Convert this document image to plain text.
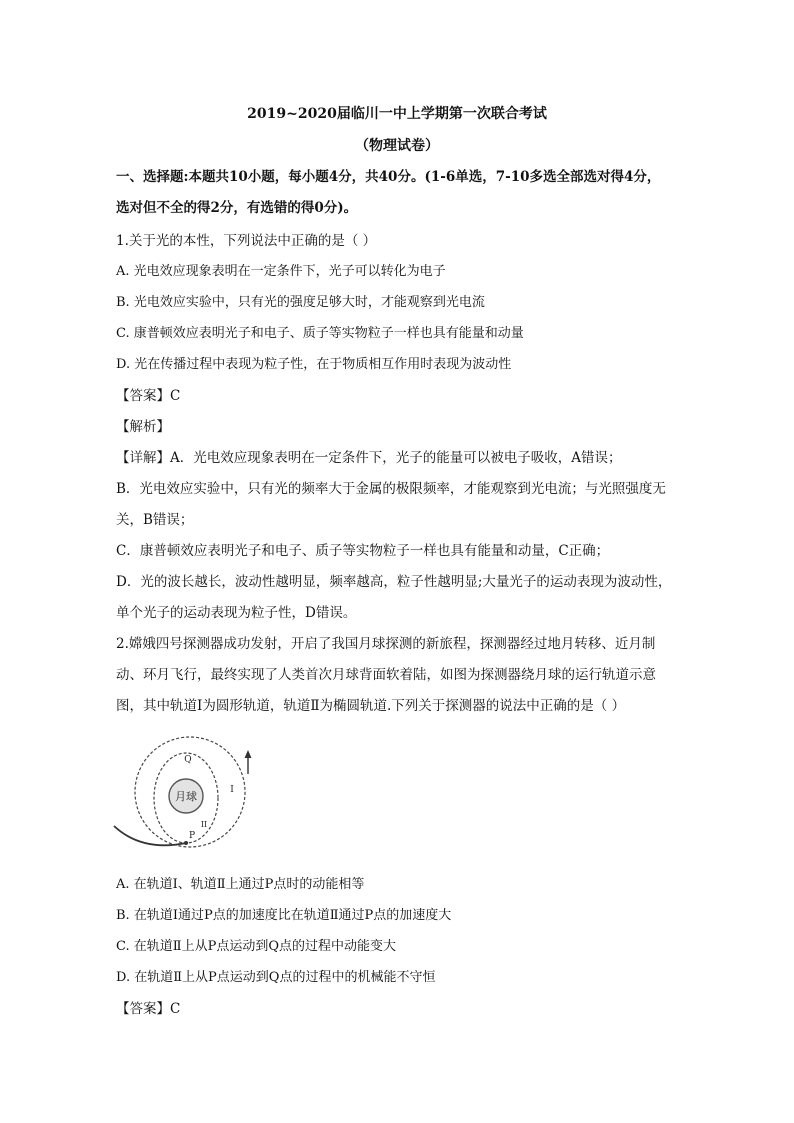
2019~2020届临川一中上学期第一次联合考试
（物理试卷）
一、选择题:本题共10小题，每小题4分，共40分。(1-6单选，7-10多选全部选对得4分，
选对但不全的得2分，有选错的得0分)。
1.关于光的本性，下列说法中正确的是（ ）
A. 光电效应现象表明在一定条件下，光子可以转化为电子
B. 光电效应实验中，只有光的强度足够大时，才能观察到光电流
C. 康普顿效应表明光子和电子、质子等实物粒子一样也具有能量和动量
D. 光在传播过程中表现为粒子性，在于物质相互作用时表现为波动性
【答案】C
【解析】
【详解】A．光电效应现象表明在一定条件下，光子的能量可以被电子吸收，A错误；
B．光电效应实验中，只有光的频率大于金属的极限频率，才能观察到光电流；与光照强度无
关，B错误；
C．康普顿效应表明光子和电子、质子等实物粒子一样也具有能量和动量，C正确；
D．光的波长越长，波动性越明显，频率越高，粒子性越明显;大量光子的运动表现为波动性，
单个光子的运动表现为粒子性，D错误。
2.嫦娥四号探测器成功发射，开启了我国月球探测的新旅程，探测器经过地月转移、近月制
动、环月飞行，最终实现了人类首次月球背面软着陆，如图为探测器绕月球的运行轨道示意
图，其中轨道Ⅰ为圆形轨道，轨道Ⅱ为椭圆轨道.下列关于探测器的说法中正确的是（ ）
月球
Q
P
I
II
A. 在轨道Ⅰ、轨道Ⅱ上通过P点时的动能相等
B. 在轨道Ⅰ通过P点的加速度比在轨道Ⅱ通过P点的加速度大
C. 在轨道Ⅱ上从P点运动到Q点的过程中动能变大
D. 在轨道Ⅱ上从P点运动到Q点的过程中的机械能不守恒
【答案】C
